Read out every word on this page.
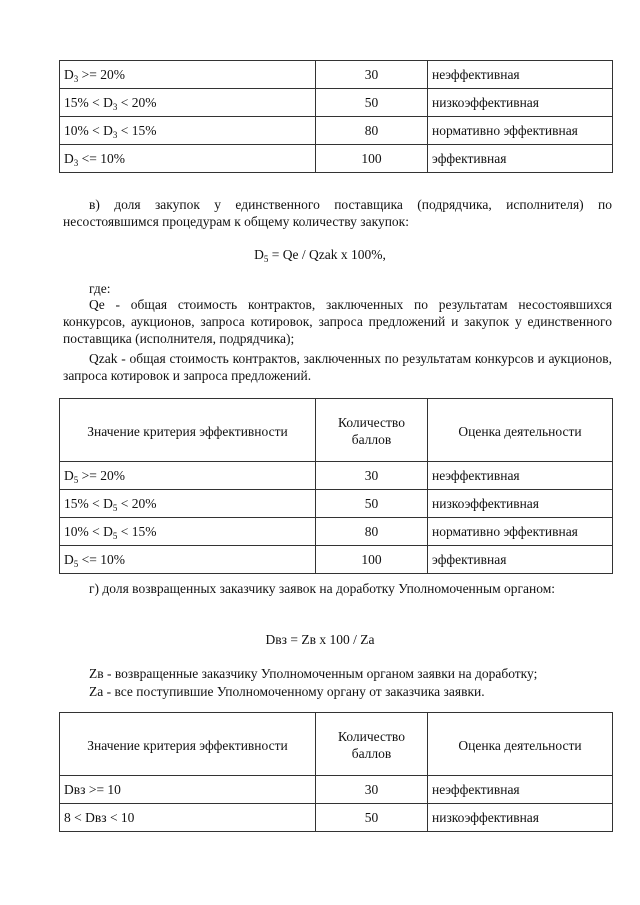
$D_3 >= 20\%$	30	неэффективная
$15\% < D_3 < 20\%$	50	низкоэффективная
$10\% < D_3 < 15\%$	80	нормативно эффективная
$D_3 <= 10\%$	100	эффективная
в) доля закупок у единственного поставщика (подрядчика, исполнителя) по несостоявшимся процедурам к общему количеству закупок:
$D_5 = Qe$ / Qzak x 100%,
где:
Qe - общая стоимость контрактов, заключенных по результатам несостоявшихся конкурсов, аукционов, запроса котировок, запроса предложений и закупок у единственного поставщика (исполнителя, подрядчика);
Qzak - общая стоимость контрактов, заключенных по результатам конкурсов и аукционов, запроса котировок и запроса предложений.
Значение критерия эффективности	Количество баллов	Оценка деятельности
$D_5 >= 20\%$	30	неэффективная
$15\% < D_5 < 20\%$	50	низкоэффективная
$10\% < D_5 < 15\%$	80	нормативно эффективная
$D_5 <= 10\%$	100	эффективная
г) доля возвращенных заказчику заявок на доработку Уполномоченным органом:
Dвз = Zв x 100 / Za
Zв - возвращенные заказчику Уполномоченным органом заявки на доработку;
Za - все поступившие Уполномоченному органу от заказчика заявки.
Значение критерия эффективности	Количество баллов	Оценка деятельности
Dвз >= 10	30	неэффективная
8 < Dвз < 10	50	низкоэффективная
